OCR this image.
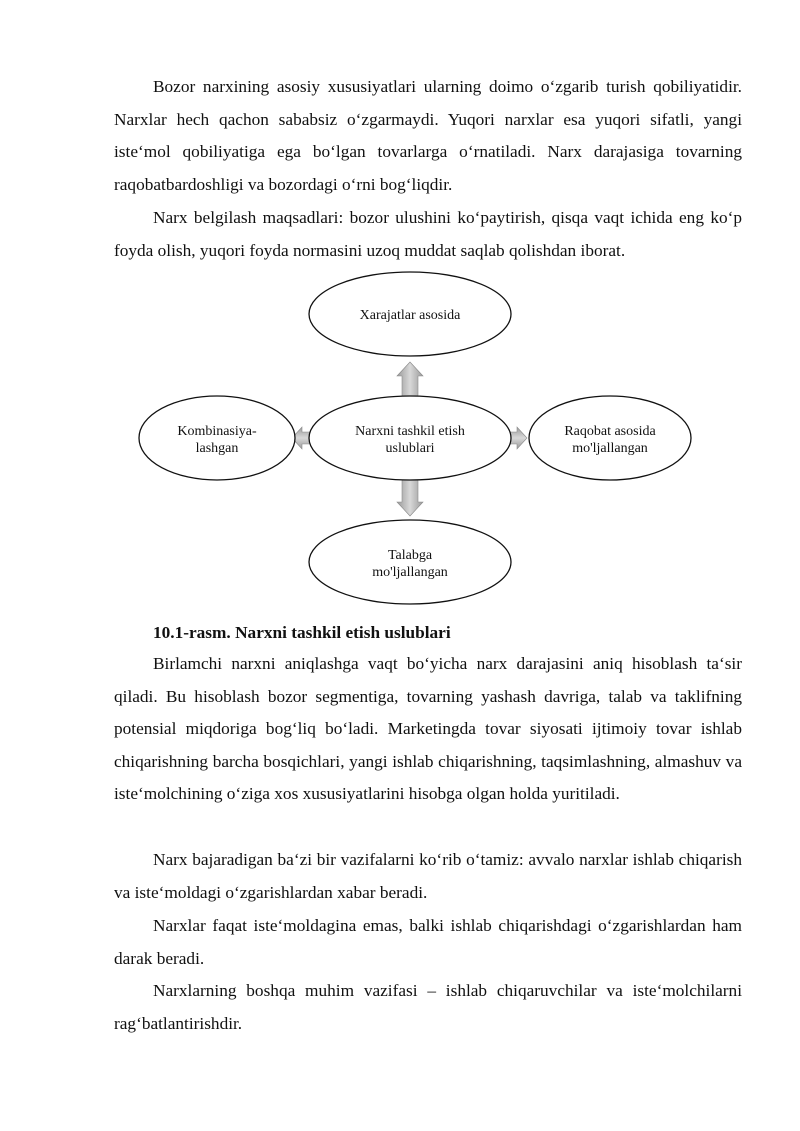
Bozor narxining asosiy xususiyatlari ularning doimo o‘zgarib turish qobiliyatidir. Narxlar hech qachon sababsiz o‘zgarmaydi. Yuqori narxlar esa yuqori sifatli, yangi iste‘mol qobiliyatiga ega bo‘lgan tovarlarga o‘rnatiladi. Narx darajasiga tovarning raqobatbardoshligi va bozordagi o‘rni bog‘liqdir.

Narx belgilash maqsadlari: bozor ulushini ko‘paytirish, qisqa vaqt ichida eng ko‘p foyda olish, yuqori foyda normasini uzoq muddat saqlab qolishdan iborat.

Xarajatlar asosida
Narxni tashkil etish
uslublari
Kombinasiya-
lashgan
Raqobat asosida
mo'ljallangan
Talabga
mo'ljallangan

10.1-rasm. Narxni tashkil etish uslublari

Birlamchi narxni aniqlashga vaqt bo‘yicha narx darajasini aniq hisoblash ta‘sir qiladi. Bu hisoblash bozor segmentiga, tovarning yashash davriga, talab va taklifning potensial miqdoriga bog‘liq bo‘ladi. Marketingda tovar siyosati ijtimoiy tovar ishlab chiqarishning barcha bosqichlari, yangi ishlab chiqarishning, taqsimlashning, almashuv va iste‘molchining o‘ziga xos xususiyatlarini hisobga olgan holda yuritiladi.

Narx bajaradigan ba‘zi bir vazifalarni ko‘rib o‘tamiz: avvalo narxlar ishlab chiqarish va iste‘moldagi o‘zgarishlardan xabar beradi.

Narxlar faqat iste‘moldagina emas, balki ishlab chiqarishdagi o‘zgarishlardan ham darak beradi.

Narxlarning boshqa muhim vazifasi – ishlab chiqaruvchilar va iste‘molchilarni rag‘batlantirishdir.
